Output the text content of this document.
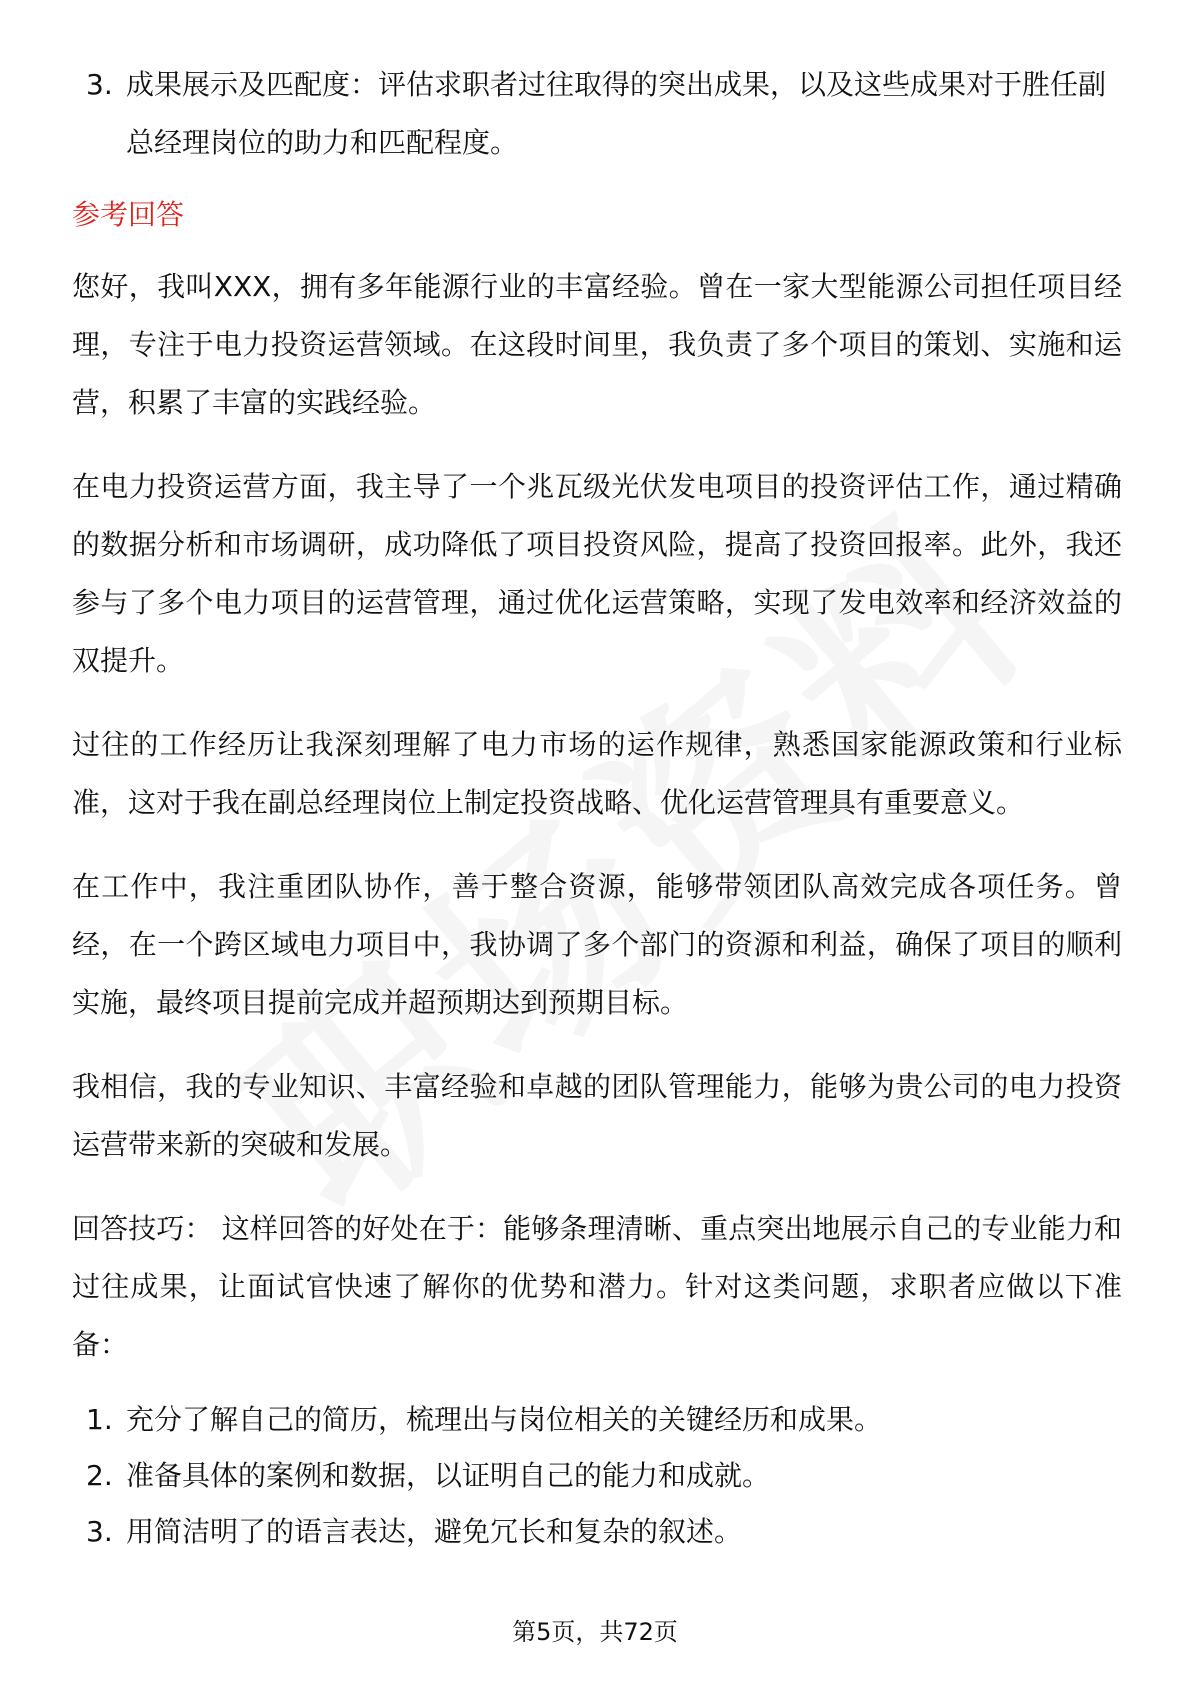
3. 成果展示及匹配度：评估求职者过往取得的突出成果，以及这些成果对于胜任副总经理岗位的助力和匹配程度。
参考回答

您好，我叫XXX，拥有多年能源行业的丰富经验。曾在一家大型能源公司担任项目经理，专注于电力投资运营领域。在这段时间里，我负责了多个项目的策划、实施和运营，积累了丰富的实践经验。

在电力投资运营方面，我主导了一个兆瓦级光伏发电项目的投资评估工作，通过精确的数据分析和市场调研，成功降低了项目投资风险，提高了投资回报率。此外，我还参与了多个电力项目的运营管理，通过优化运营策略，实现了发电效率和经济效益的双提升。

过往的工作经历让我深刻理解了电力市场的运作规律，熟悉国家能源政策和行业标准，这对于我在副总经理岗位上制定投资战略、优化运营管理具有重要意义。

在工作中，我注重团队协作，善于整合资源，能够带领团队高效完成各项任务。曾经，在一个跨区域电力项目中，我协调了多个部门的资源和利益，确保了项目的顺利实施，最终项目提前完成并超预期达到预期目标。

我相信，我的专业知识、丰富经验和卓越的团队管理能力，能够为贵公司的电力投资运营带来新的突破和发展。

回答技巧： 这样回答的好处在于：能够条理清晰、重点突出地展示自己的专业能力和过往成果，让面试官快速了解你的优势和潜力。针对这类问题，求职者应做以下准备：

1. 充分了解自己的简历，梳理出与岗位相关的关键经历和成果。
2. 准备具体的案例和数据，以证明自己的能力和成就。
3. 用简洁明了的语言表达，避免冗长和复杂的叙述。
第5页，共72页
